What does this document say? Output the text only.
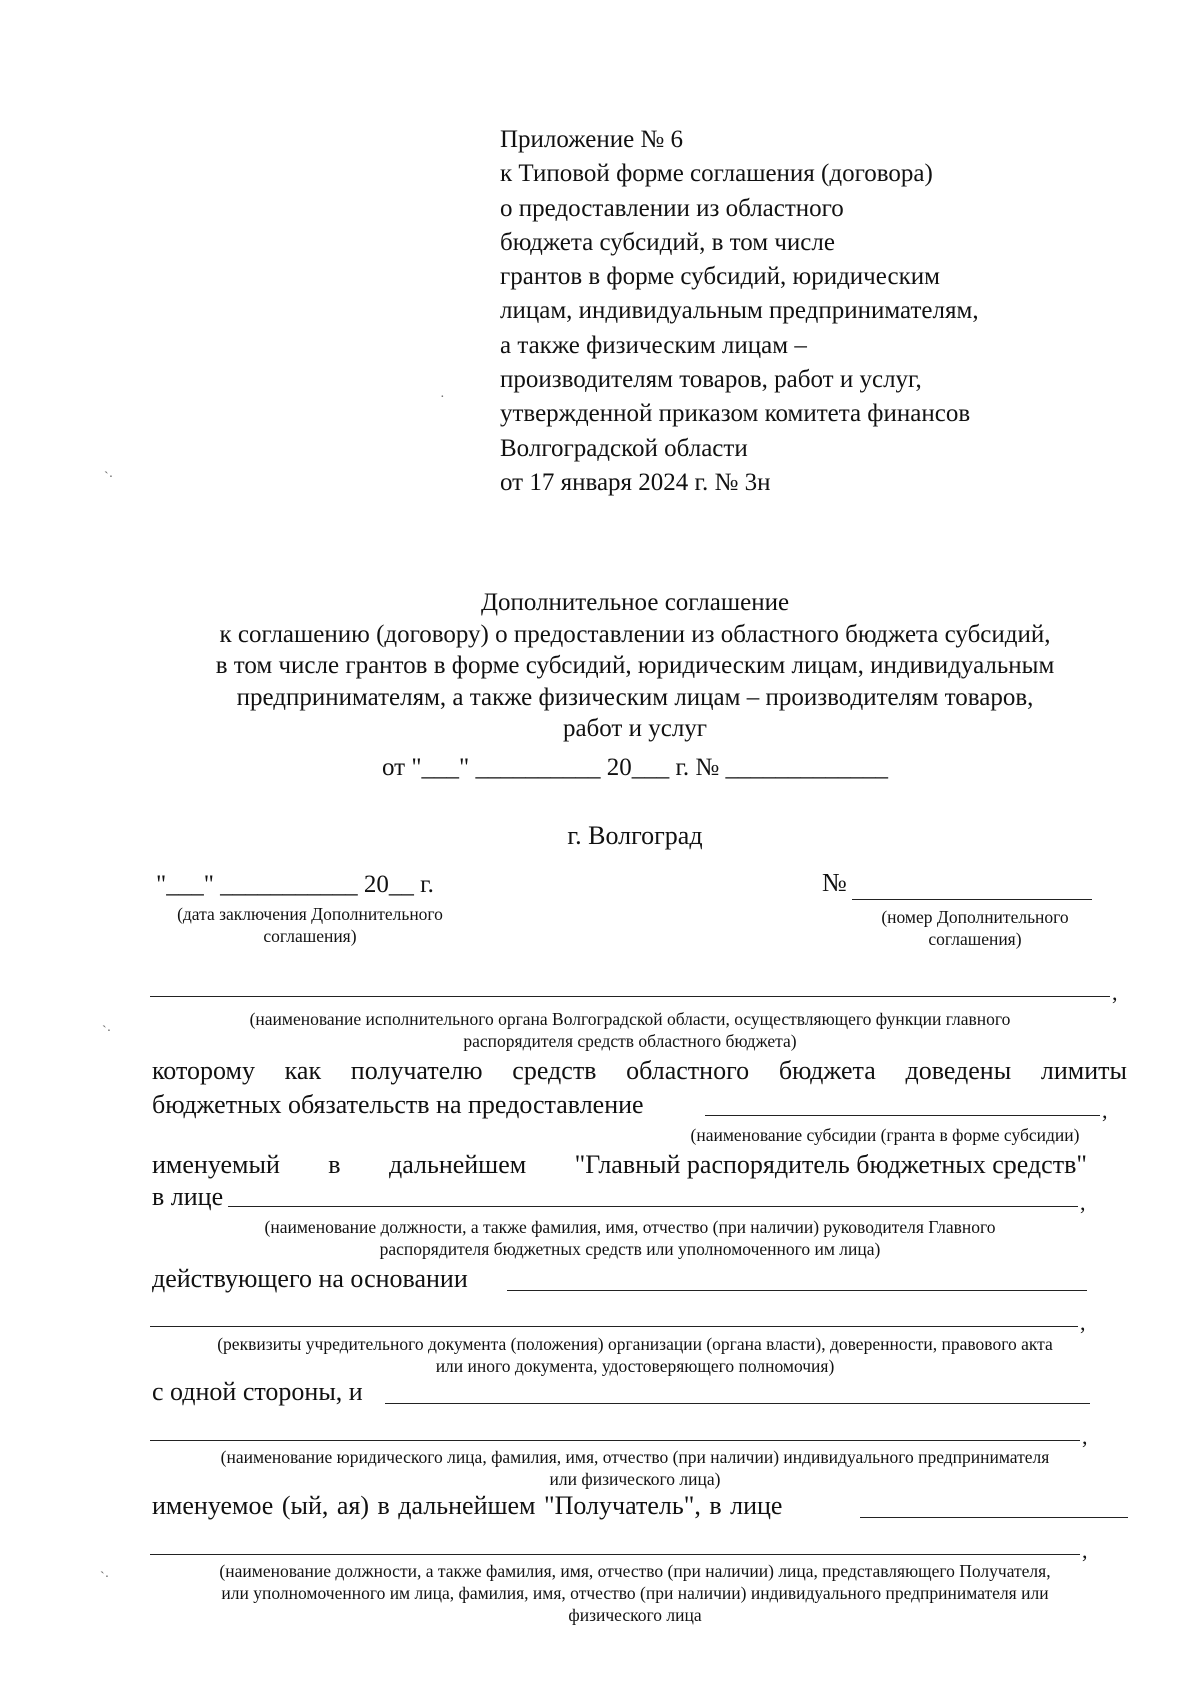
Приложение № 6
к Типовой форме соглашения (договора)
о предоставлении из областного
бюджета субсидий, в том числе
грантов в форме субсидий, юридическим
лицам, индивидуальным предпринимателям,
а также физическим лицам –
производителям товаров, работ и услуг,
утвержденной приказом комитета финансов
Волгоградской области
от 17 января 2024 г. № 3н
Дополнительное соглашение
к соглашению (договору) о предоставлении из областного бюджета субсидий,
в том числе грантов в форме субсидий, юридическим лицам, индивидуальным
предпринимателям, а также физическим лицам – производителям товаров,
работ и услуг
от "___" __________ 20___ г. № _____________
г. Волгоград
"___" ___________ 20__ г.
(дата заключения Дополнительного
соглашения)
№
(номер Дополнительного
соглашения)
,
(наименование исполнительного органа Волгоградской области, осуществляющего функции главного
распорядителя средств областного бюджета)
которому как получателю средств областного бюджета доведены лимиты
бюджетных обязательств на предоставление	,
(наименование субсидии (гранта в форме субсидии)
именуемый в дальнейшем "Главный распорядитель бюджетных средств"
в лице	,
(наименование должности, а также фамилия, имя, отчество (при наличии) руководителя Главного
распорядителя бюджетных средств или уполномоченного им лица)
действующего на основании
,
(реквизиты учредительного документа (положения) организации (органа власти), доверенности, правового акта
или иного документа, удостоверяющего полномочия)
с одной стороны, и
,
(наименование юридического лица, фамилия, имя, отчество (при наличии) индивидуального предпринимателя
или физического лица)
именуемое (ый, ая) в дальнейшем "Получатель", в лице
,
(наименование должности, а также фамилия, имя, отчество (при наличии) лица, представляющего Получателя,
или уполномоченного им лица, фамилия, имя, отчество (при наличии) индивидуального предпринимателя или
физического лица
ˋ·
ˋ·
ˋ·
·
